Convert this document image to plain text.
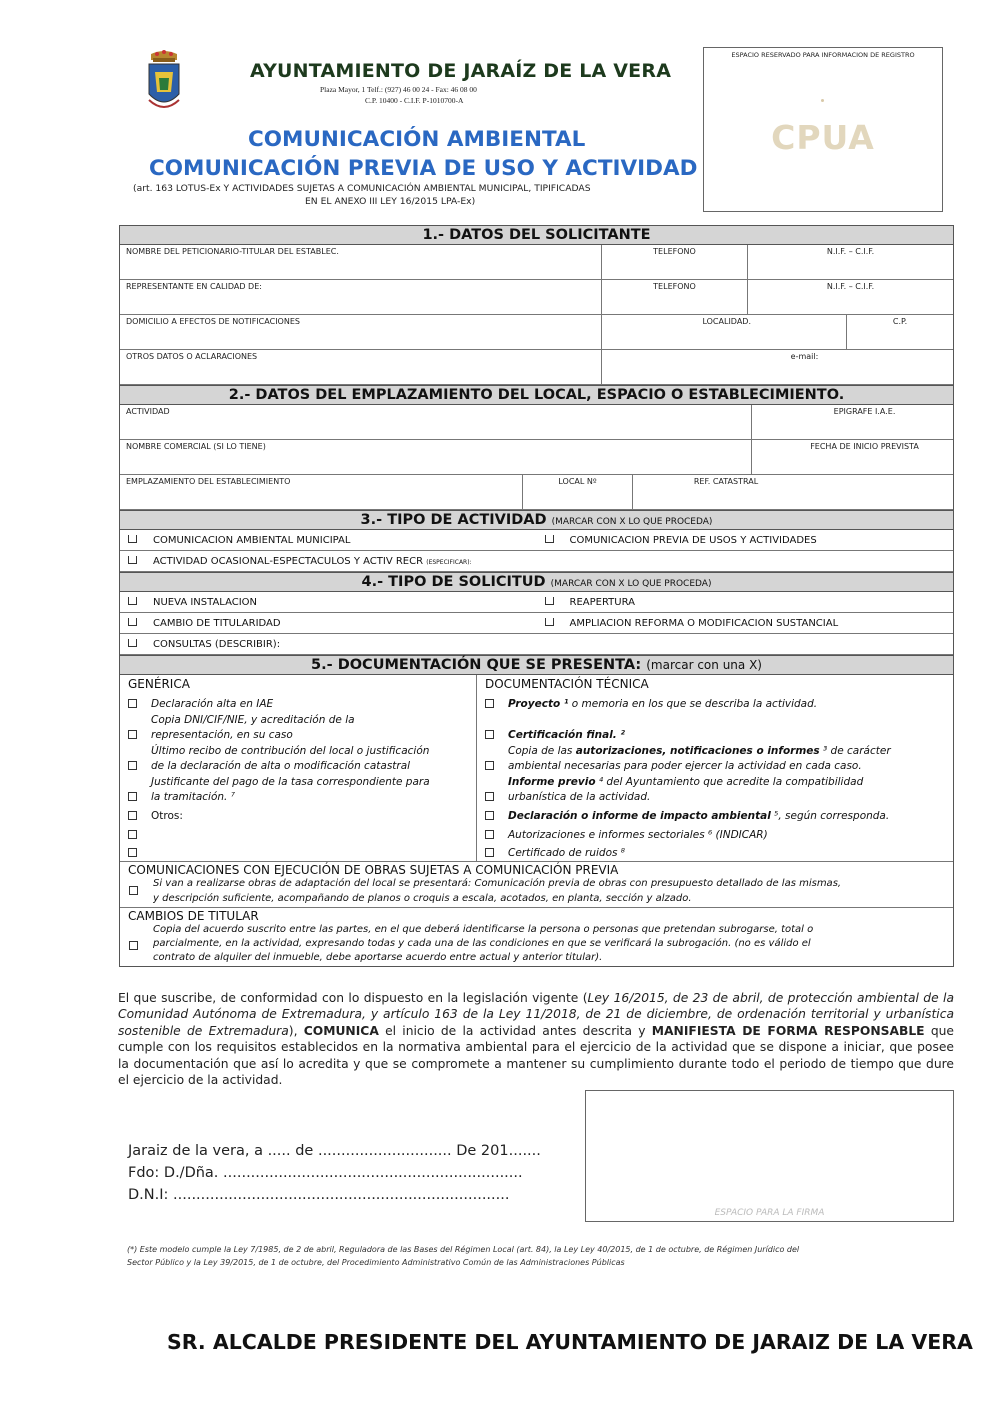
AYUNTAMIENTO DE JARAÍZ DE LA VERA
Plaza Mayor, 1 Telf.: (927) 46 00 24 - Fax: 46 08 00
C.P. 10400 - C.I.F. P-1010700-A
COMUNICACIÓN AMBIENTAL
COMUNICACIÓN PREVIA DE USO Y ACTIVIDAD
(art. 163 LOTUS-Ex Y ACTIVIDADES SUJETAS A COMUNICACIÓN AMBIENTAL MUNICIPAL, TIPIFICADAS
EN EL ANEXO III LEY 16/2015 LPA-Ex)
ESPACIO RESERVADO PARA INFORMACION DE REGISTRO
CPUA
1.- DATOS DEL SOLICITANTE
NOMBRE DEL PETICIONARIO-TITULAR DEL ESTABLEC.	TELEFONO	N.I.F. – C.I.F.
REPRESENTANTE EN CALIDAD DE:	TELEFONO	N.I.F. – C.I.F.
DOMICILIO A EFECTOS DE NOTIFICACIONES	LOCALIDAD.	C.P.
OTROS DATOS O ACLARACIONES	e-mail:
2.- DATOS DEL EMPLAZAMIENTO DEL LOCAL, ESPACIO O ESTABLECIMIENTO.
ACTIVIDAD	EPIGRAFE I.A.E.
NOMBRE COMERCIAL (SI LO TIENE)	FECHA DE INICIO PREVISTA
EMPLAZAMIENTO DEL ESTABLECIMIENTO	LOCAL Nº	REF. CATASTRAL
3.- TIPO DE ACTIVIDAD (MARCAR CON X LO QUE PROCEDA)
COMUNICACIÓN AMBIENTAL MUNICIPAL	COMUNICACIÓN PREVIA DE USOS Y ACTIVIDADES
ACTIVIDAD OCASIONAL-ESPECTACULOS Y ACTIV RECR (ESPECIFICAR):
4.- TIPO DE SOLICITUD (MARCAR CON X LO QUE PROCEDA)
NUEVA INSTALACION	REAPERTURA
CAMBIO DE TITULARIDAD	AMPLIACION REFORMA O MODIFICACIÓN SUSTANCIAL
CONSULTAS (DESCRIBIR):
5.- DOCUMENTACIÓN QUE SE PRESENTA: (marcar con una X)
GENÉRICA
Declaración alta en IAE
Copia DNI/CIF/NIE, y acreditación de la
representación, en su caso
Último recibo de contribución del local o justificación
de la declaración de alta o modificación catastral
Justificante del pago de la tasa correspondiente para
la tramitación. ⁷
Otros:
DOCUMENTACIÓN TÉCNICA
Proyecto ¹ o memoria en los que se describa la actividad.
Certificación final. ²
Copia de las autorizaciones, notificaciones o informes ³ de carácter
ambiental necesarias para poder ejercer la actividad en cada caso.
Informe previo ⁴ del Ayuntamiento que acredite la compatibilidad
urbanística de la actividad.
Declaración o informe de impacto ambiental ⁵, según corresponda.
Autorizaciones e informes sectoriales ⁶ (INDICAR)
Certificado de ruidos ⁸
COMUNICACIONES CON EJECUCIÓN DE OBRAS SUJETAS A COMUNICACIÓN PREVIA
Si van a realizarse obras de adaptación del local se presentará: Comunicación previa de obras con presupuesto detallado de las mismas,
y descripción suficiente, acompañando de planos o croquis a escala, acotados, en planta, sección y alzado.
CAMBIOS DE TITULAR
Copia del acuerdo suscrito entre las partes, en el que deberá identificarse la persona o personas que pretendan subrogarse, total o
parcialmente, en la actividad, expresando todas y cada una de las condiciones en que se verificará la subrogación. (no es válido el
contrato de alquiler del inmueble, debe aportarse acuerdo entre actual y anterior titular).

El que suscribe, de conformidad con lo dispuesto en la legislación vigente (Ley 16/2015, de 23 de abril, de protección ambiental de la Comunidad Autónoma de Extremadura, y artículo 163 de la Ley 11/2018, de 21 de diciembre, de ordenación territorial y urbanística sostenible de Extremadura), COMUNICA el inicio de la actividad antes descrita y MANIFIESTA DE FORMA RESPONSABLE que cumple con los requisitos establecidos en la normativa ambiental para el ejercicio de la actividad que se dispone a iniciar, que posee la documentación que así lo acredita y que se compromete a mantener su cumplimiento durante todo el periodo de tiempo que dure el ejercicio de la actividad.

Jaraiz de la vera, a ..... de ............................. De 201.......
Fdo: D./Dña. .................................................................
D.N.I: .........................................................................
ESPACIO PARA LA FIRMA
(*) Este modelo cumple la Ley 7/1985, de 2 de abril, Reguladora de las Bases del Régimen Local (art. 84), la Ley Ley 40/2015, de 1 de octubre, de Régimen Jurídico del
Sector Público y la Ley 39/2015, de 1 de octubre, del Procedimiento Administrativo Común de las Administraciones Públicas
SR. ALCALDE PRESIDENTE DEL AYUNTAMIENTO DE JARAIZ DE LA VERA
